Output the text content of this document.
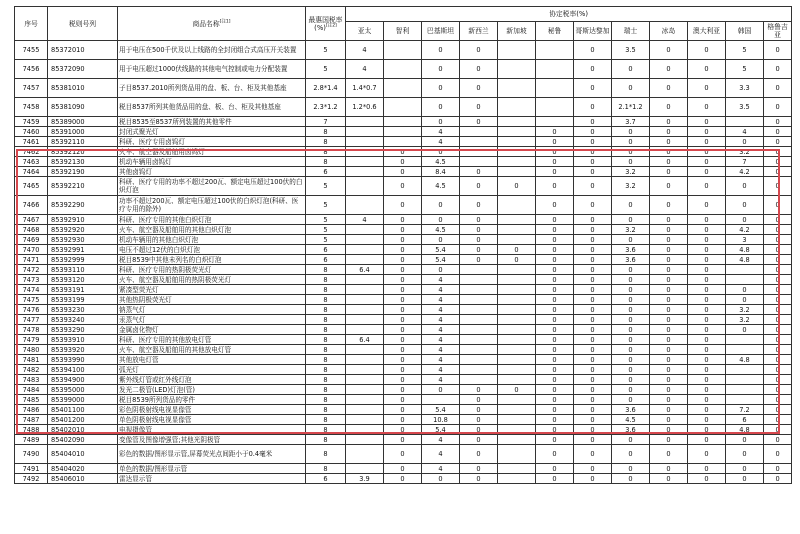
序号	税则号列	商品名称[注1]	最惠国税率
(%)[注2]	协定税率(%)											
				亚太	智利	巴基斯坦	新西兰	新加坡	秘鲁	哥斯达黎加	瑞士	冰岛	澳大利亚	韩国	格鲁吉亚
7455	85372010	用于电压在500千伏及以上线路的全封闭组合式高压开关装置	5	4		0	0			0	3.5	0	0	5	0
7456	85372090	用于电压超过1000伏线路的其他电气控制或电力分配装置	5	4		0	0			0	0	0	0	5	0
7457	85381010	子目8537.2010所列货品用的盘、板、台、柜及其他基座	2.8*1.4	1.4*0.7		0	0			0	0	0	0	3.3	0
7458	85381090	税目8537所列其他货品用的盘、板、台、柜及其他基座	2.3*1.2	1.2*0.6		0	0			0	2.1*1.2	0	0	3.5	0
7459	85389000	税目8535至8537所列装置的其他零件	7			0	0			0	3.7	0	0		0
7460	85391000	封闭式聚光灯	8			4			0	0	0	0	0	4	0
7461	85392110	科研、医疗专用卤钨灯	8			4			0	0	0	0	0	0	0
7462	85392120	火车、航空器及船舶用卤钨灯	8		0	0			0	0	0	0	0	3.2	0
7463	85392130	机动车辆用卤钨灯	8		0	4.5			0	0	0	0	0	7	0
7464	85392190	其他卤钨灯	6		0	8.4	0		0	0	3.2	0	0	4.2	0
7465	85392210	科研、医疗专用的功率不超过200瓦、额定电压超过100伏的白炽灯泡	5		0	4.5	0	0	0	0	3.2	0	0	0	0
7466	85392290	功率不超过200瓦、额定电压超过100伏的白炽灯泡(科研、医疗专用的除外)	5		0	0	0		0	0	0	0	0	0	0
7467	85392910	科研、医疗专用的其他白炽灯泡	5	4	0	0	0		0	0	0	0	0	0	0
7468	85392920	火车、航空器及船舶用的其他白炽灯泡	5		0	4.5	0		0	0	3.2	0	0	4.2	0
7469	85392930	机动车辆用的其他白炽灯泡	5		0	0	0		0	0	0	0	0	3	0
7470	85392991	电压不超过12伏的白炽灯泡	6		0	5.4	0	0	0	0	3.6	0	0	4.8	0
7471	85392999	税目8539中其他未列名的白炽灯泡	6		0	5.4	0	0	0	0	3.6	0	0	4.8	0
7472	85393110	科研、医疗专用的热阴极荧光灯	8	6.4	0	0			0	0	0	0	0		0
7473	85393120	火车、航空器及船舶用的热阴极荧光灯	8		0	4			0	0	0	0	0		0
7474	85393191	紧凑型荧光灯	8		0	4			0	0	0	0	0	0	0
7475	85393199	其他热阴极荧光灯	8		0	4			0	0	0	0	0	0	0
7476	85393230	钠蒸气灯	8		0	4			0	0	0	0	0	3.2	0
7477	85393240	汞蒸气灯	8		0	4			0	0	0	0	0	3.2	0
7478	85393290	金属卤化物灯	8		0	4			0	0	0	0	0	0	0
7479	85393910	科研、医疗专用的其他放电灯管	8	6.4	0	4			0	0	0	0	0		0
7480	85393920	火车、航空器及船舶用的其他放电灯管	8		0	4			0	0	0	0	0		0
7481	85393990	其他放电灯管	8		0	4			0	0	0	0	0	4.8	0
7482	85394100	弧光灯	8		0	4			0	0	0	0	0		0
7483	85394900	紫外线灯管或红外线灯泡	8		0	4			0	0	0	0	0		0
7484	85395000	发光二极管(LED)灯泡(管)	8		0	0	0	0	0	0	0	0	0		0
7485	85399000	税目8539所列货品的零件	8		0		0		0	0	0	0	0		0
7486	85401100	彩色阴极射线电视显像管	8		0	5.4	0		0	0	3.6	0	0	7.2	0
7487	85401200	单色阴极射线电视显像管	8		0	10.8	0		0	0	4.5	0	0	6	0
7488	85402010	电视摄像管	8		0	5.4	0		0	0	3.6	0	0	4.8	0
7489	85402090	变像管及图像增强管;其他光阴极管	8		0	4	0		0	0	0	0	0	0	0
7490	85404010	彩色的数据/图形显示管,屏幕荧光点间距小于0.4毫米	8		0	4	0		0	0	0	0	0	0	0
7491	85404020	单色的数据/图形显示管	8		0	4	0		0	0	0	0	0	0	0
7492	85406010	雷达显示管	6	3.9	0	0	0		0	0	0	0	0	0	0
